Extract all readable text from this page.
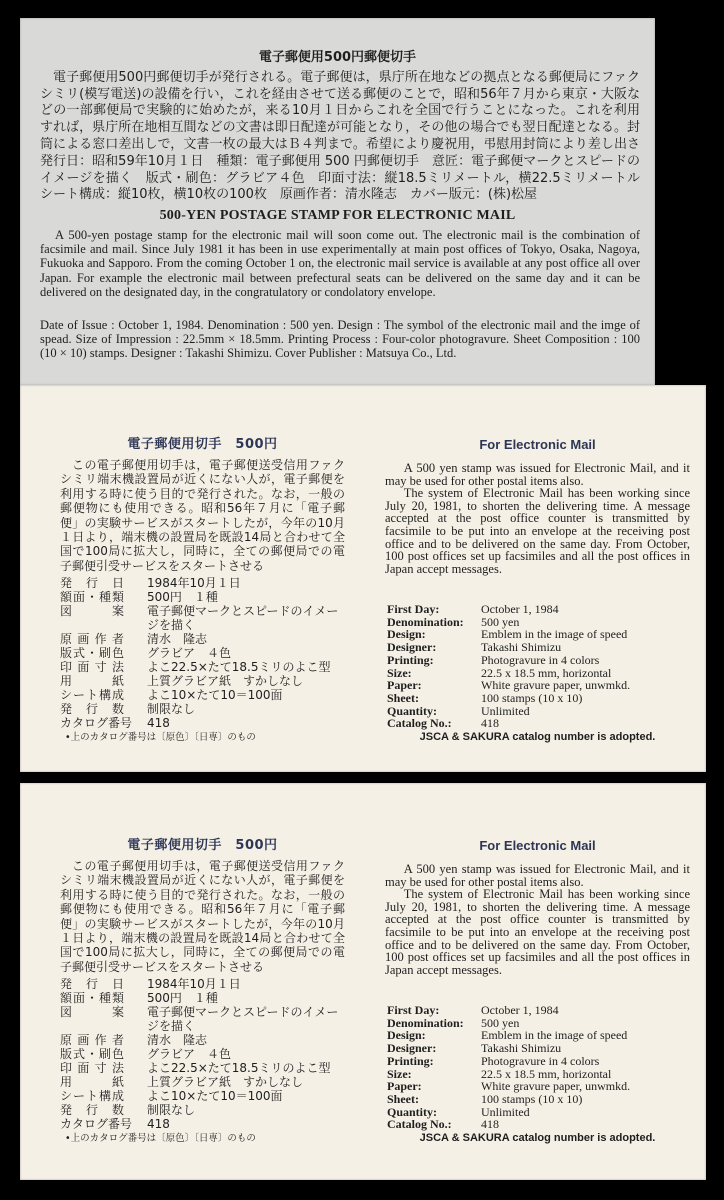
電子郵便用500円郵便切手
電子郵便用500円郵便切手が発行される。電子郵便は，県庁所在地などの拠点となる郵便局にファクシミリ(模写電送)の設備を行い，これを経由させて送る郵便のことで，昭和56年７月から東京・大阪などの一部郵便局で実験的に始めたが，来る10月１日からこれを全国で行うことになった。これを利用すれば，県庁所在地相互間などの文書は即日配達が可能となり，その他の場合でも翌日配達となる。封筒による窓口差出しで，文書一枚の最大はＢ４判まで。希望により慶祝用，弔慰用封筒により差し出さ
発行日：昭和59年10月１日　種類：電子郵便用 500 円郵便切手　意匠：電子郵便マークとスピードのイメージを描く　版式・刷色：グラビア４色　印面寸法：縦18.5ミリメートル，横22.5ミリメートル　シート構成：縦10枚，横10枚の100枚　原画作者：清水隆志　カバー版元：(株)松屋
500-YEN POSTAGE STAMP FOR ELECTRONIC MAIL
A 500-yen postage stamp for the electronic mail will soon come out. The electronic mail is the combination of facsimile and mail. Since July 1981 it has been in use experimentally at main post offices of Tokyo, Osaka, Nagoya, Fukuoka and Sapporo. From the coming October 1 on, the electronic mail service is available at any post office all over Japan. For example the electronic mail between prefectural seats can be delivered on the same day and it can be delivered on the designated day, in the congratulatory or condolatory envelope.
Date of Issue : October 1, 1984. Denomination : 500 yen. Design : The symbol of the electronic mail and the imge of spead. Size of Impression : 22.5mm × 18.5mm. Printing Process : Four-color photogravure. Sheet Composition : 100 (10 × 10) stamps. Designer : Takashi Shimizu. Cover Publisher : Matsuya Co., Ltd.
電子郵便用切手　500円
この電子郵便用切手は，電子郵便送受信用ファクシミリ端末機設置局が近くにない人が，電子郵便を利用する時に使う目的で発行された。なお，一般の郵便物にも使用できる。昭和56年７月に「電子郵便」の実験サービスがスタートしたが，今年の10月１日より，端末機の設置局を既設14局と合わせて全国で100局に拡大し，同時に，全ての郵便局での電子郵便引受サービスをスタートさせる
発　行　日 1984年10月１日
額面・種類 500円　１種
図　　　案 電子郵便マークとスピードのイメージを描く
原画作者 清水　隆志
版式・刷色 グラビア　４色
印面寸法 よこ22.5×たて18.5ミリのよこ型
用　　　紙 上質グラビア紙　すかしなし
シート構成 よこ10×たて10＝100面
発　行　数 制限なし
カタログ番号 418
•上のカタログ番号は〔原色〕〔日専〕のもの
For Electronic Mail

A 500 yen stamp was issued for Electronic Mail, and it may be used for other postal items also.

The system of Electronic Mail has been working since July 20, 1981, to shorten the delivering time. A message accepted at the post office counter is transmitted by facsimile to be put into an envelope at the receiving post office and to be delivered on the same day. From October, 100 post offices set up facsimiles and all the post offices in Japan accept messages.

First Day:	October 1, 1984
Denomination:	500 yen
Design:	Emblem in the image of speed
Designer:	Takashi Shimizu
Printing:	Photogravure in 4 colors
Size:	22.5 x 18.5 mm, horizontal
Paper:	White gravure paper, unwmkd.
Sheet:	100 stamps (10 x 10)
Quantity:	Unlimited
Catalog No.:	418
JSCA & SAKURA catalog number is adopted.
電子郵便用切手　500円
この電子郵便用切手は，電子郵便送受信用ファクシミリ端末機設置局が近くにない人が，電子郵便を利用する時に使う目的で発行された。なお，一般の郵便物にも使用できる。昭和56年７月に「電子郵便」の実験サービスがスタートしたが，今年の10月１日より，端末機の設置局を既設14局と合わせて全国で100局に拡大し，同時に，全ての郵便局での電子郵便引受サービスをスタートさせる
発　行　日 1984年10月１日
額面・種類 500円　１種
図　　　案 電子郵便マークとスピードのイメージを描く
原画作者 清水　隆志
版式・刷色 グラビア　４色
印面寸法 よこ22.5×たて18.5ミリのよこ型
用　　　紙 上質グラビア紙　すかしなし
シート構成 よこ10×たて10＝100面
発　行　数 制限なし
カタログ番号 418
•上のカタログ番号は〔原色〕〔日専〕のもの
For Electronic Mail

A 500 yen stamp was issued for Electronic Mail, and it may be used for other postal items also.

The system of Electronic Mail has been working since July 20, 1981, to shorten the delivering time. A message accepted at the post office counter is transmitted by facsimile to be put into an envelope at the receiving post office and to be delivered on the same day. From October, 100 post offices set up facsimiles and all the post offices in Japan accept messages.

First Day:	October 1, 1984
Denomination:	500 yen
Design:	Emblem in the image of speed
Designer:	Takashi Shimizu
Printing:	Photogravure in 4 colors
Size:	22.5 x 18.5 mm, horizontal
Paper:	White gravure paper, unwmkd.
Sheet:	100 stamps (10 x 10)
Quantity:	Unlimited
Catalog No.:	418
JSCA & SAKURA catalog number is adopted.
